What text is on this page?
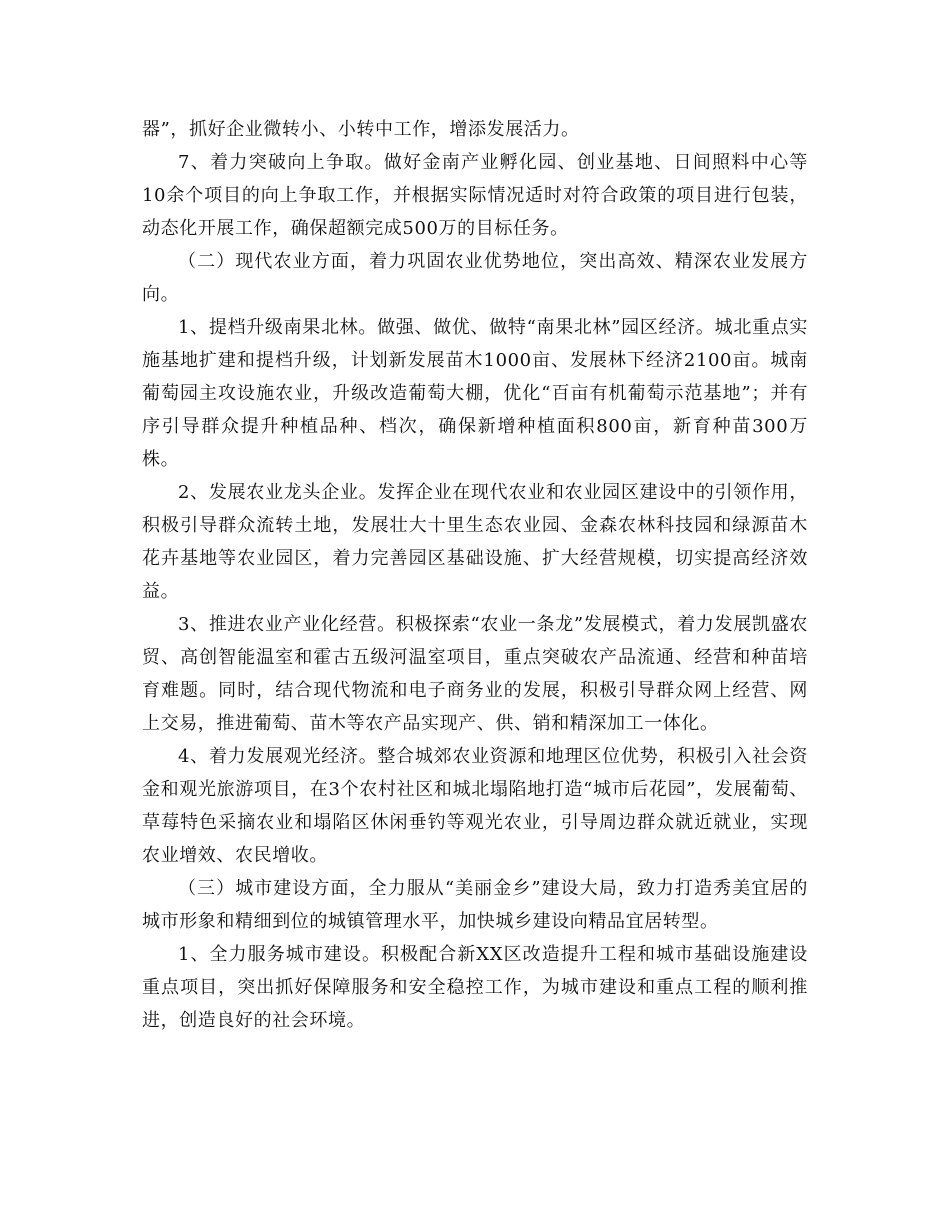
器”，抓好企业微转小、小转中工作，增添发展活力。

7、着力突破向上争取。做好金南产业孵化园、创业基地、日间照料中心等10余个项目的向上争取工作，并根据实际情况适时对符合政策的项目进行包装，动态化开展工作，确保超额完成500万的目标任务。

（二）现代农业方面，着力巩固农业优势地位，突出高效、精深农业发展方向。

1、提档升级南果北林。做强、做优、做特“南果北林”园区经济。城北重点实施基地扩建和提档升级，计划新发展苗木1000亩、发展林下经济2100亩。城南葡萄园主攻设施农业，升级改造葡萄大棚，优化“百亩有机葡萄示范基地”；并有序引导群众提升种植品种、档次，确保新增种植面积800亩，新育种苗300万株。

2、发展农业龙头企业。发挥企业在现代农业和农业园区建设中的引领作用，积极引导群众流转土地，发展壮大十里生态农业园、金森农林科技园和绿源苗木花卉基地等农业园区，着力完善园区基础设施、扩大经营规模，切实提高经济效益。

3、推进农业产业化经营。积极探索“农业一条龙”发展模式，着力发展凯盛农贸、高创智能温室和霍古五级河温室项目，重点突破农产品流通、经营和种苗培育难题。同时，结合现代物流和电子商务业的发展，积极引导群众网上经营、网上交易，推进葡萄、苗木等农产品实现产、供、销和精深加工一体化。

4、着力发展观光经济。整合城郊农业资源和地理区位优势，积极引入社会资金和观光旅游项目，在3个农村社区和城北塌陷地打造“城市后花园”，发展葡萄、草莓特色采摘农业和塌陷区休闲垂钓等观光农业，引导周边群众就近就业，实现农业增效、农民增收。

（三）城市建设方面，全力服从“美丽金乡”建设大局，致力打造秀美宜居的城市形象和精细到位的城镇管理水平，加快城乡建设向精品宜居转型。

1、全力服务城市建设。积极配合新XX区改造提升工程和城市基础设施建设重点项目，突出抓好保障服务和安全稳控工作，为城市建设和重点工程的顺利推进，创造良好的社会环境。
